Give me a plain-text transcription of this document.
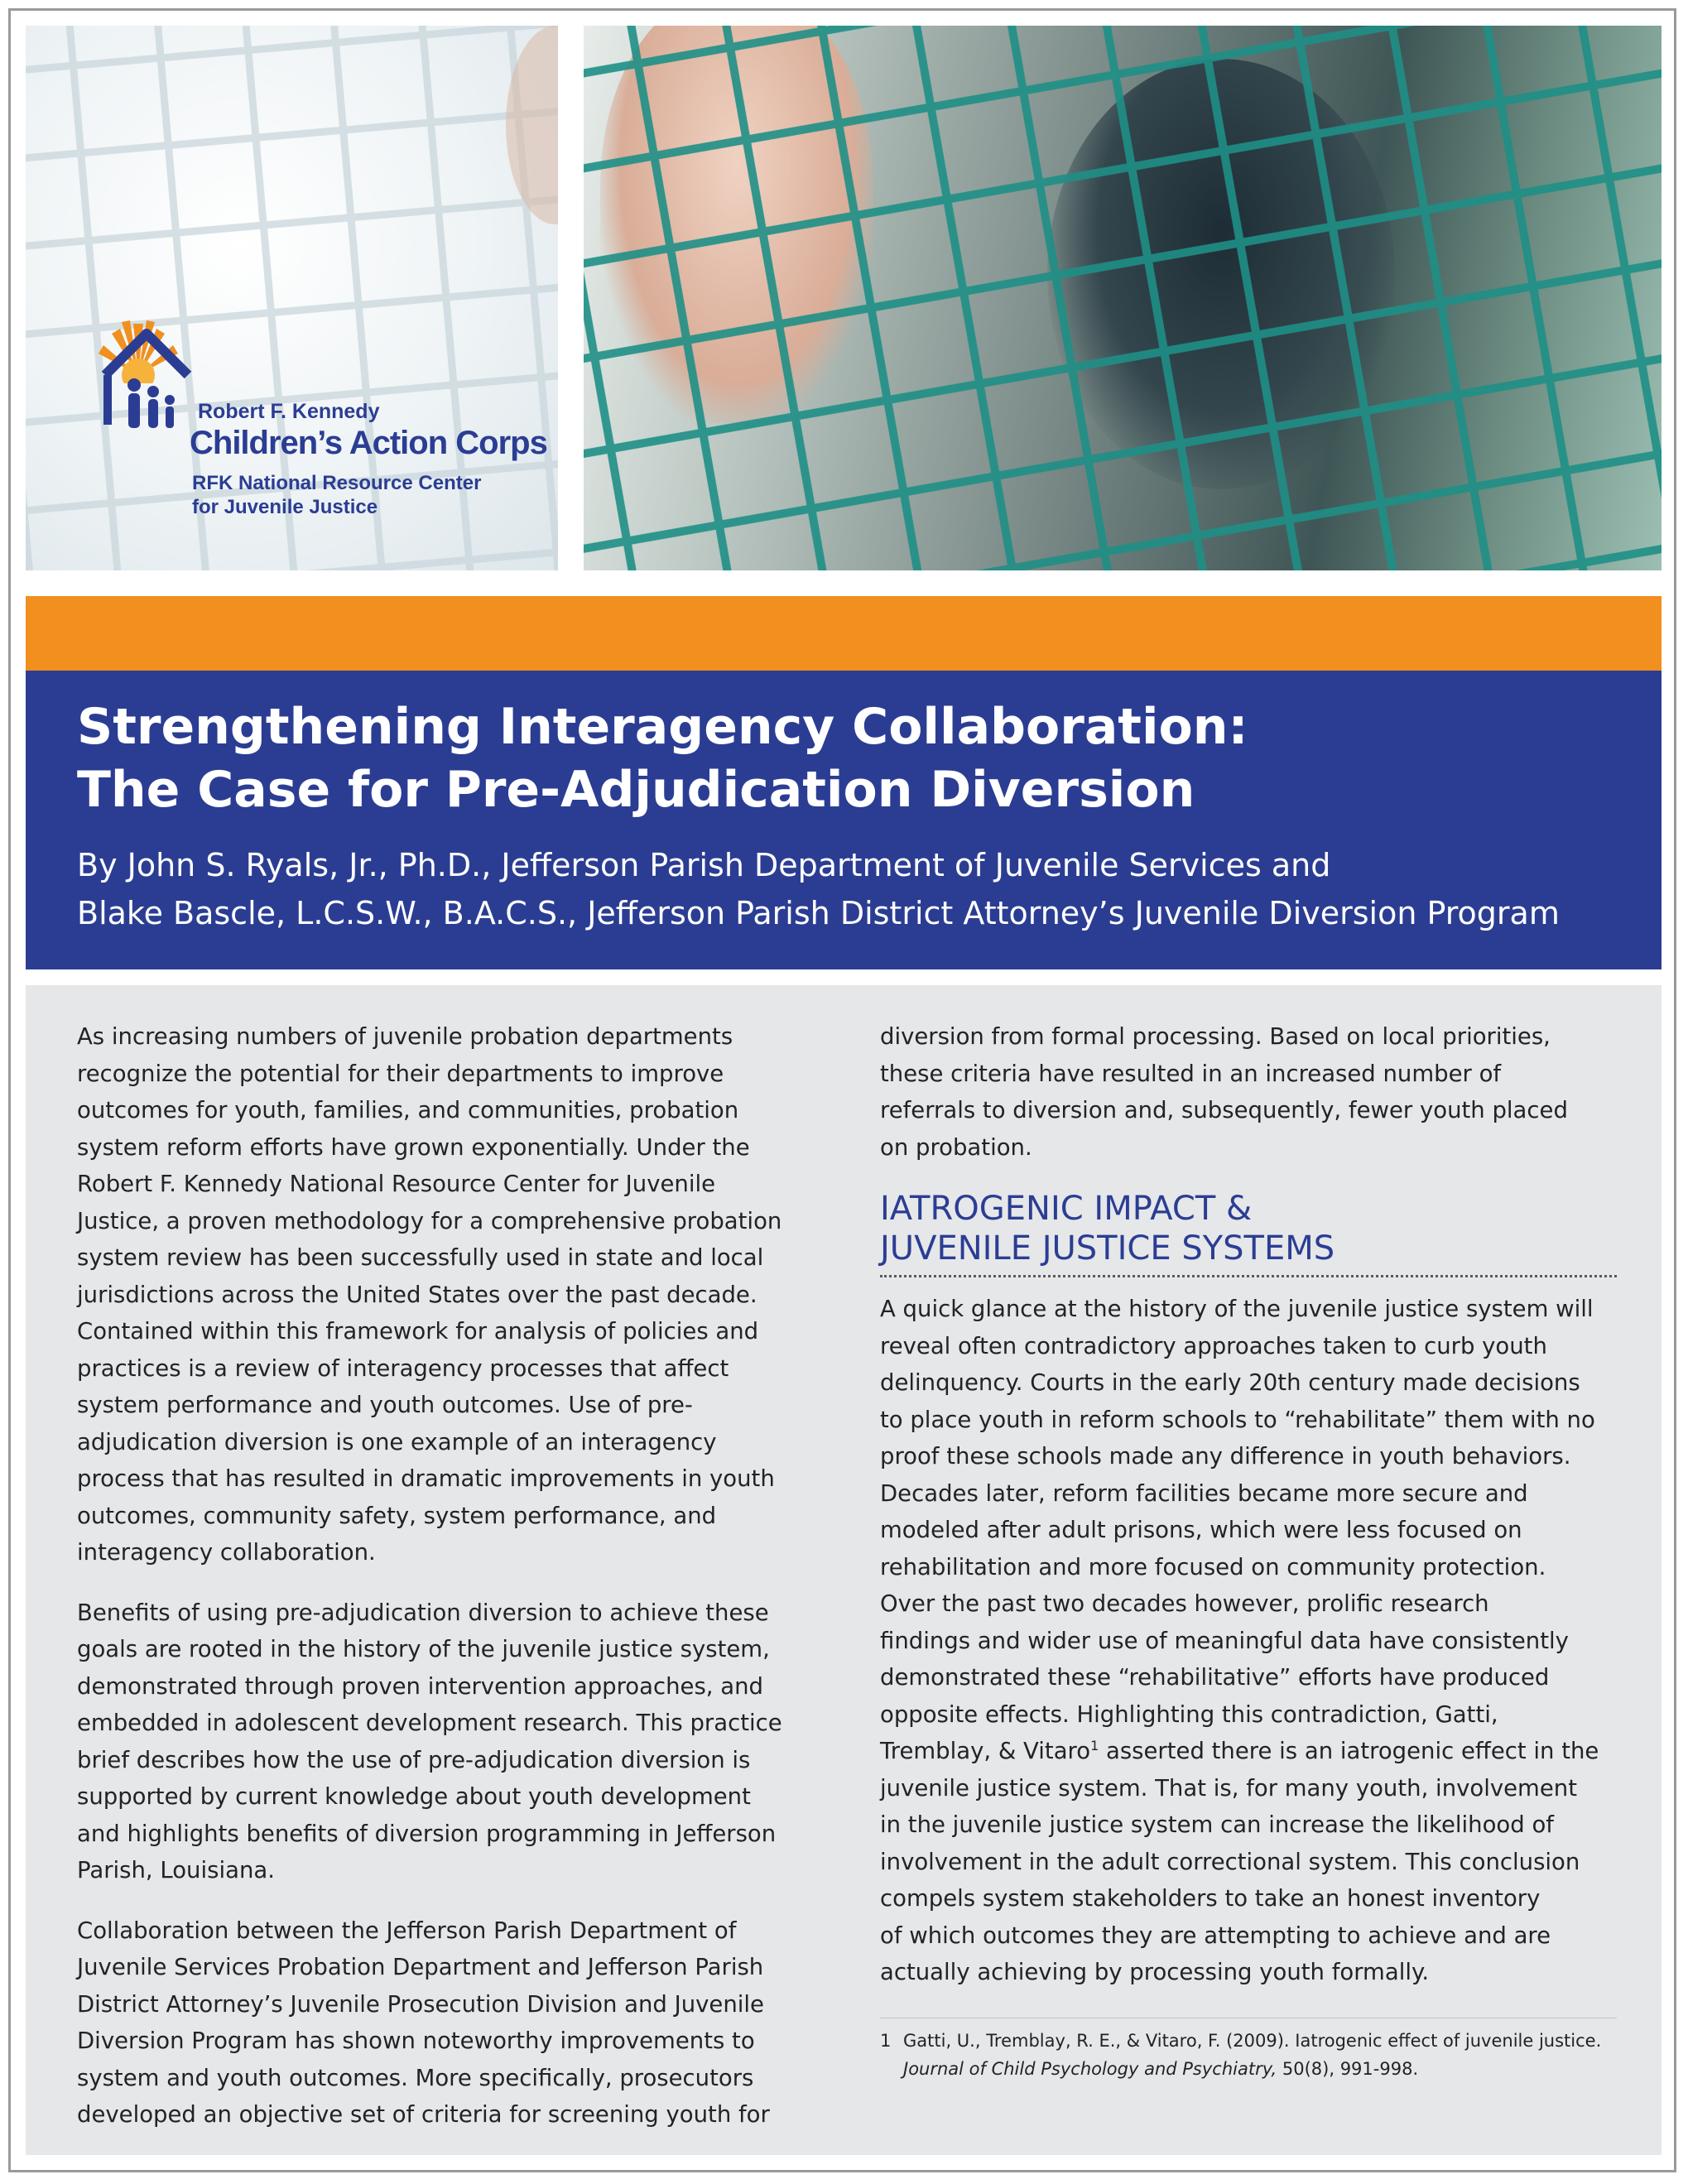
Robert F. Kennedy
Children’s Action Corps
RFK National Resource Center
for Juvenile Justice
Strengthening Interagency Collaboration:
The Case for Pre-Adjudication Diversion
By John S. Ryals, Jr., Ph.D., Jefferson Parish Department of Juvenile Services and
Blake Bascle, L.C.S.W., B.A.C.S., Jefferson Parish District Attorney’s Juvenile Diversion Program

As increasing numbers of juvenile probation departments
recognize the potential for their departments to improve
outcomes for youth, families, and communities, probation
system reform efforts have grown exponentially. Under the
Robert F. Kennedy National Resource Center for Juvenile
Justice, a proven methodology for a comprehensive probation
system review has been successfully used in state and local
jurisdictions across the United States over the past decade.
Contained within this framework for analysis of policies and
practices is a review of interagency processes that affect
system performance and youth outcomes. Use of pre-
adjudication diversion is one example of an interagency
process that has resulted in dramatic improvements in youth
outcomes, community safety, system performance, and
interagency collaboration.

Benefits of using pre-adjudication diversion to achieve these
goals are rooted in the history of the juvenile justice system,
demonstrated through proven intervention approaches, and
embedded in adolescent development research. This practice
brief describes how the use of pre-adjudication diversion is
supported by current knowledge about youth development
and highlights benefits of diversion programming in Jefferson
Parish, Louisiana.

Collaboration between the Jefferson Parish Department of
Juvenile Services Probation Department and Jefferson Parish
District Attorney’s Juvenile Prosecution Division and Juvenile
Diversion Program has shown noteworthy improvements to
system and youth outcomes. More specifically, prosecutors
developed an objective set of criteria for screening youth for

diversion from formal processing. Based on local priorities,
these criteria have resulted in an increased number of
referrals to diversion and, subsequently, fewer youth placed
on probation.

IATROGENIC IMPACT &
JUVENILE JUSTICE SYSTEMS

A quick glance at the history of the juvenile justice system will
reveal often contradictory approaches taken to curb youth
delinquency. Courts in the early 20th century made decisions
to place youth in reform schools to “rehabilitate” them with no
proof these schools made any difference in youth behaviors.
Decades later, reform facilities became more secure and
modeled after adult prisons, which were less focused on
rehabilitation and more focused on community protection.
Over the past two decades however, prolific research
findings and wider use of meaningful data have consistently
demonstrated these “rehabilitative” efforts have produced
opposite effects. Highlighting this contradiction, Gatti,
Tremblay, & Vitaro$^1$ asserted there is an iatrogenic effect in the
juvenile justice system. That is, for many youth, involvement
in the juvenile justice system can increase the likelihood of
involvement in the adult correctional system. This conclusion
compels system stakeholders to take an honest inventory
of which outcomes they are attempting to achieve and are
actually achieving by processing youth formally.

1 Gatti, U., Tremblay, R. E., & Vitaro, F. (2009). Iatrogenic effect of juvenile justice.
Journal of Child Psychology and Psychiatry, 50(8), 991-998.
